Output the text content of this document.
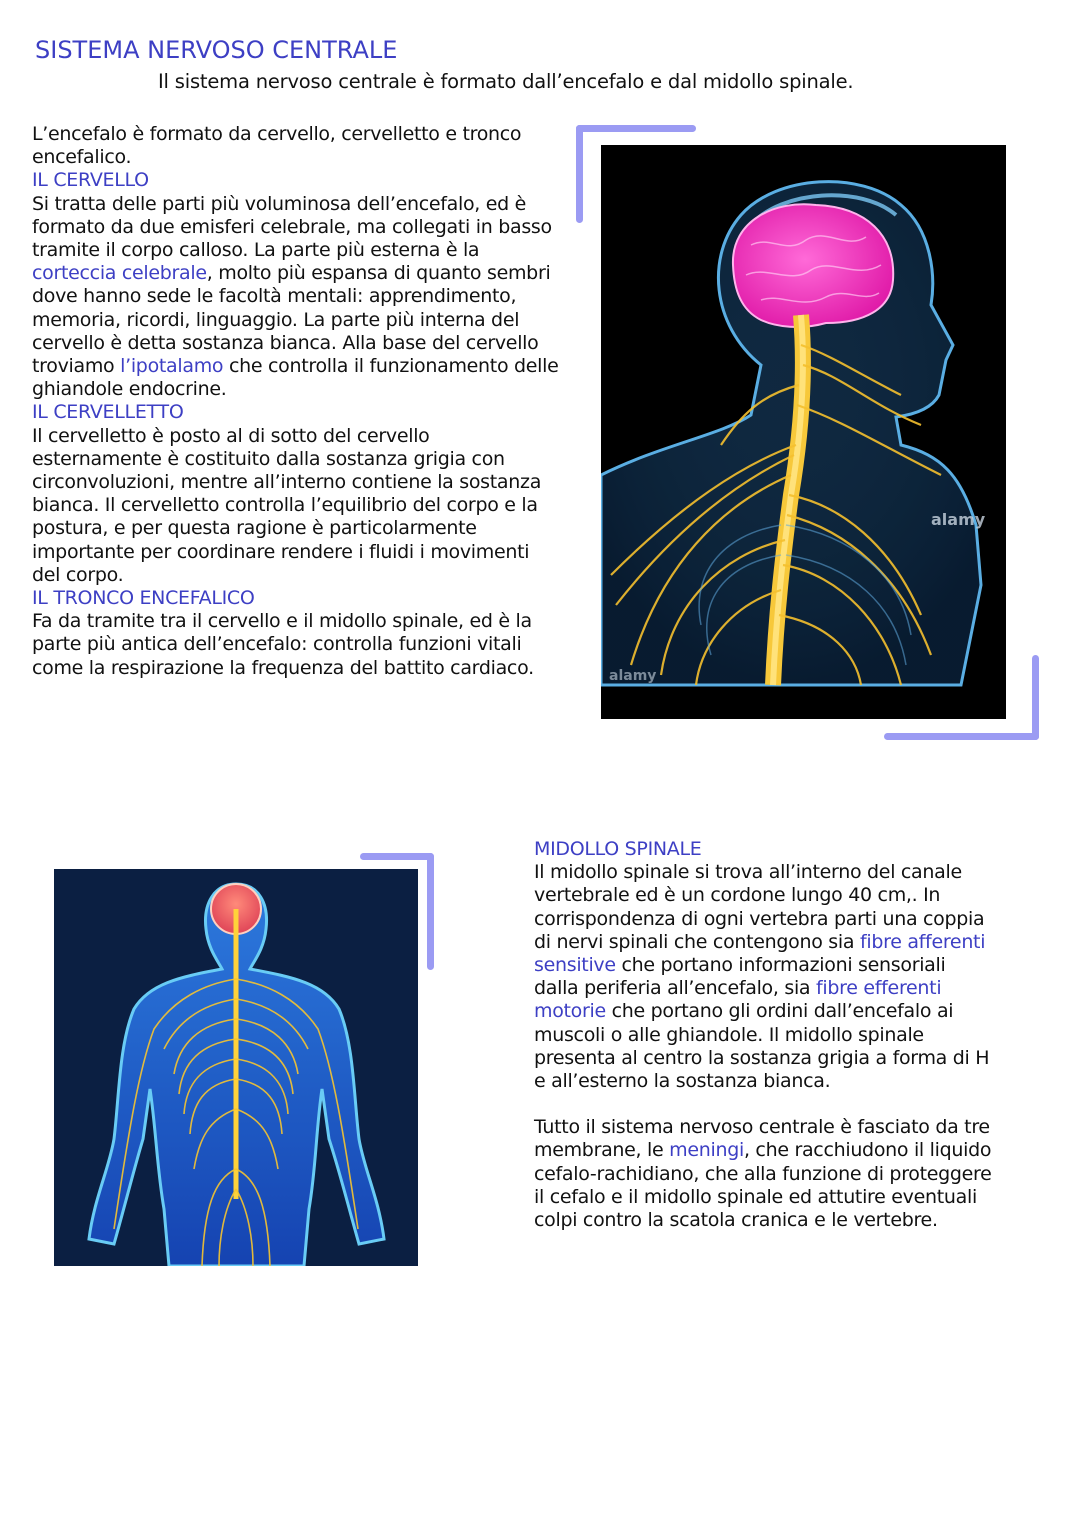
SISTEMA NERVOSO CENTRALE
Il sistema nervoso centrale è formato dall’encefalo e dal midollo spinale.

L’encefalo è formato da cervello, cervelletto e tronco encefalico.

IL CERVELLO

Si tratta delle parti più voluminosa dell’encefalo, ed è formato da due emisferi celebrale, ma collegati in basso tramite il corpo calloso. La parte più esterna è la corteccia celebrale, molto più espansa di quanto sembri dove hanno sede le facoltà mentali: apprendimento, memoria, ricordi, linguaggio. La parte più interna del cervello è detta sostanza bianca. Alla base del cervello troviamo l’ipotalamo che controlla il funzionamento delle ghiandole endocrine.

IL CERVELLETTO

Il cervelletto è posto al di sotto del cervello esternamente è costituito dalla sostanza grigia con circonvoluzioni, mentre all’interno contiene la sostanza bianca. Il cervelletto controlla l’equilibrio del corpo e la postura, e per questa ragione è particolarmente importante per coordinare rendere i fluidi i movimenti del corpo.

IL TRONCO ENCEFALICO

Fa da tramite tra il cervello e il midollo spinale, ed è la parte più antica dell’encefalo: controlla funzioni vitali come la respirazione la frequenza del battito cardiaco.

alamy
alamy
MIDOLLO SPINALE

Il midollo spinale si trova all’interno del canale vertebrale ed è un cordone lungo 40 cm,. In corrispondenza di ogni vertebra parti una coppia di nervi spinali che contengono sia fibre afferenti sensitive che portano informazioni sensoriali dalla periferia all’encefalo, sia fibre efferenti motorie che portano gli ordini dall’encefalo ai muscoli o alle ghiandole. Il midollo spinale presenta al centro la sostanza grigia a forma di H e all’esterno la sostanza bianca.

Tutto il sistema nervoso centrale è fasciato da tre membrane, le meningi, che racchiudono il liquido cefalo-rachidiano, che alla funzione di proteggere il cefalo e il midollo spinale ed attutire eventuali colpi contro la scatola cranica e le vertebre.
